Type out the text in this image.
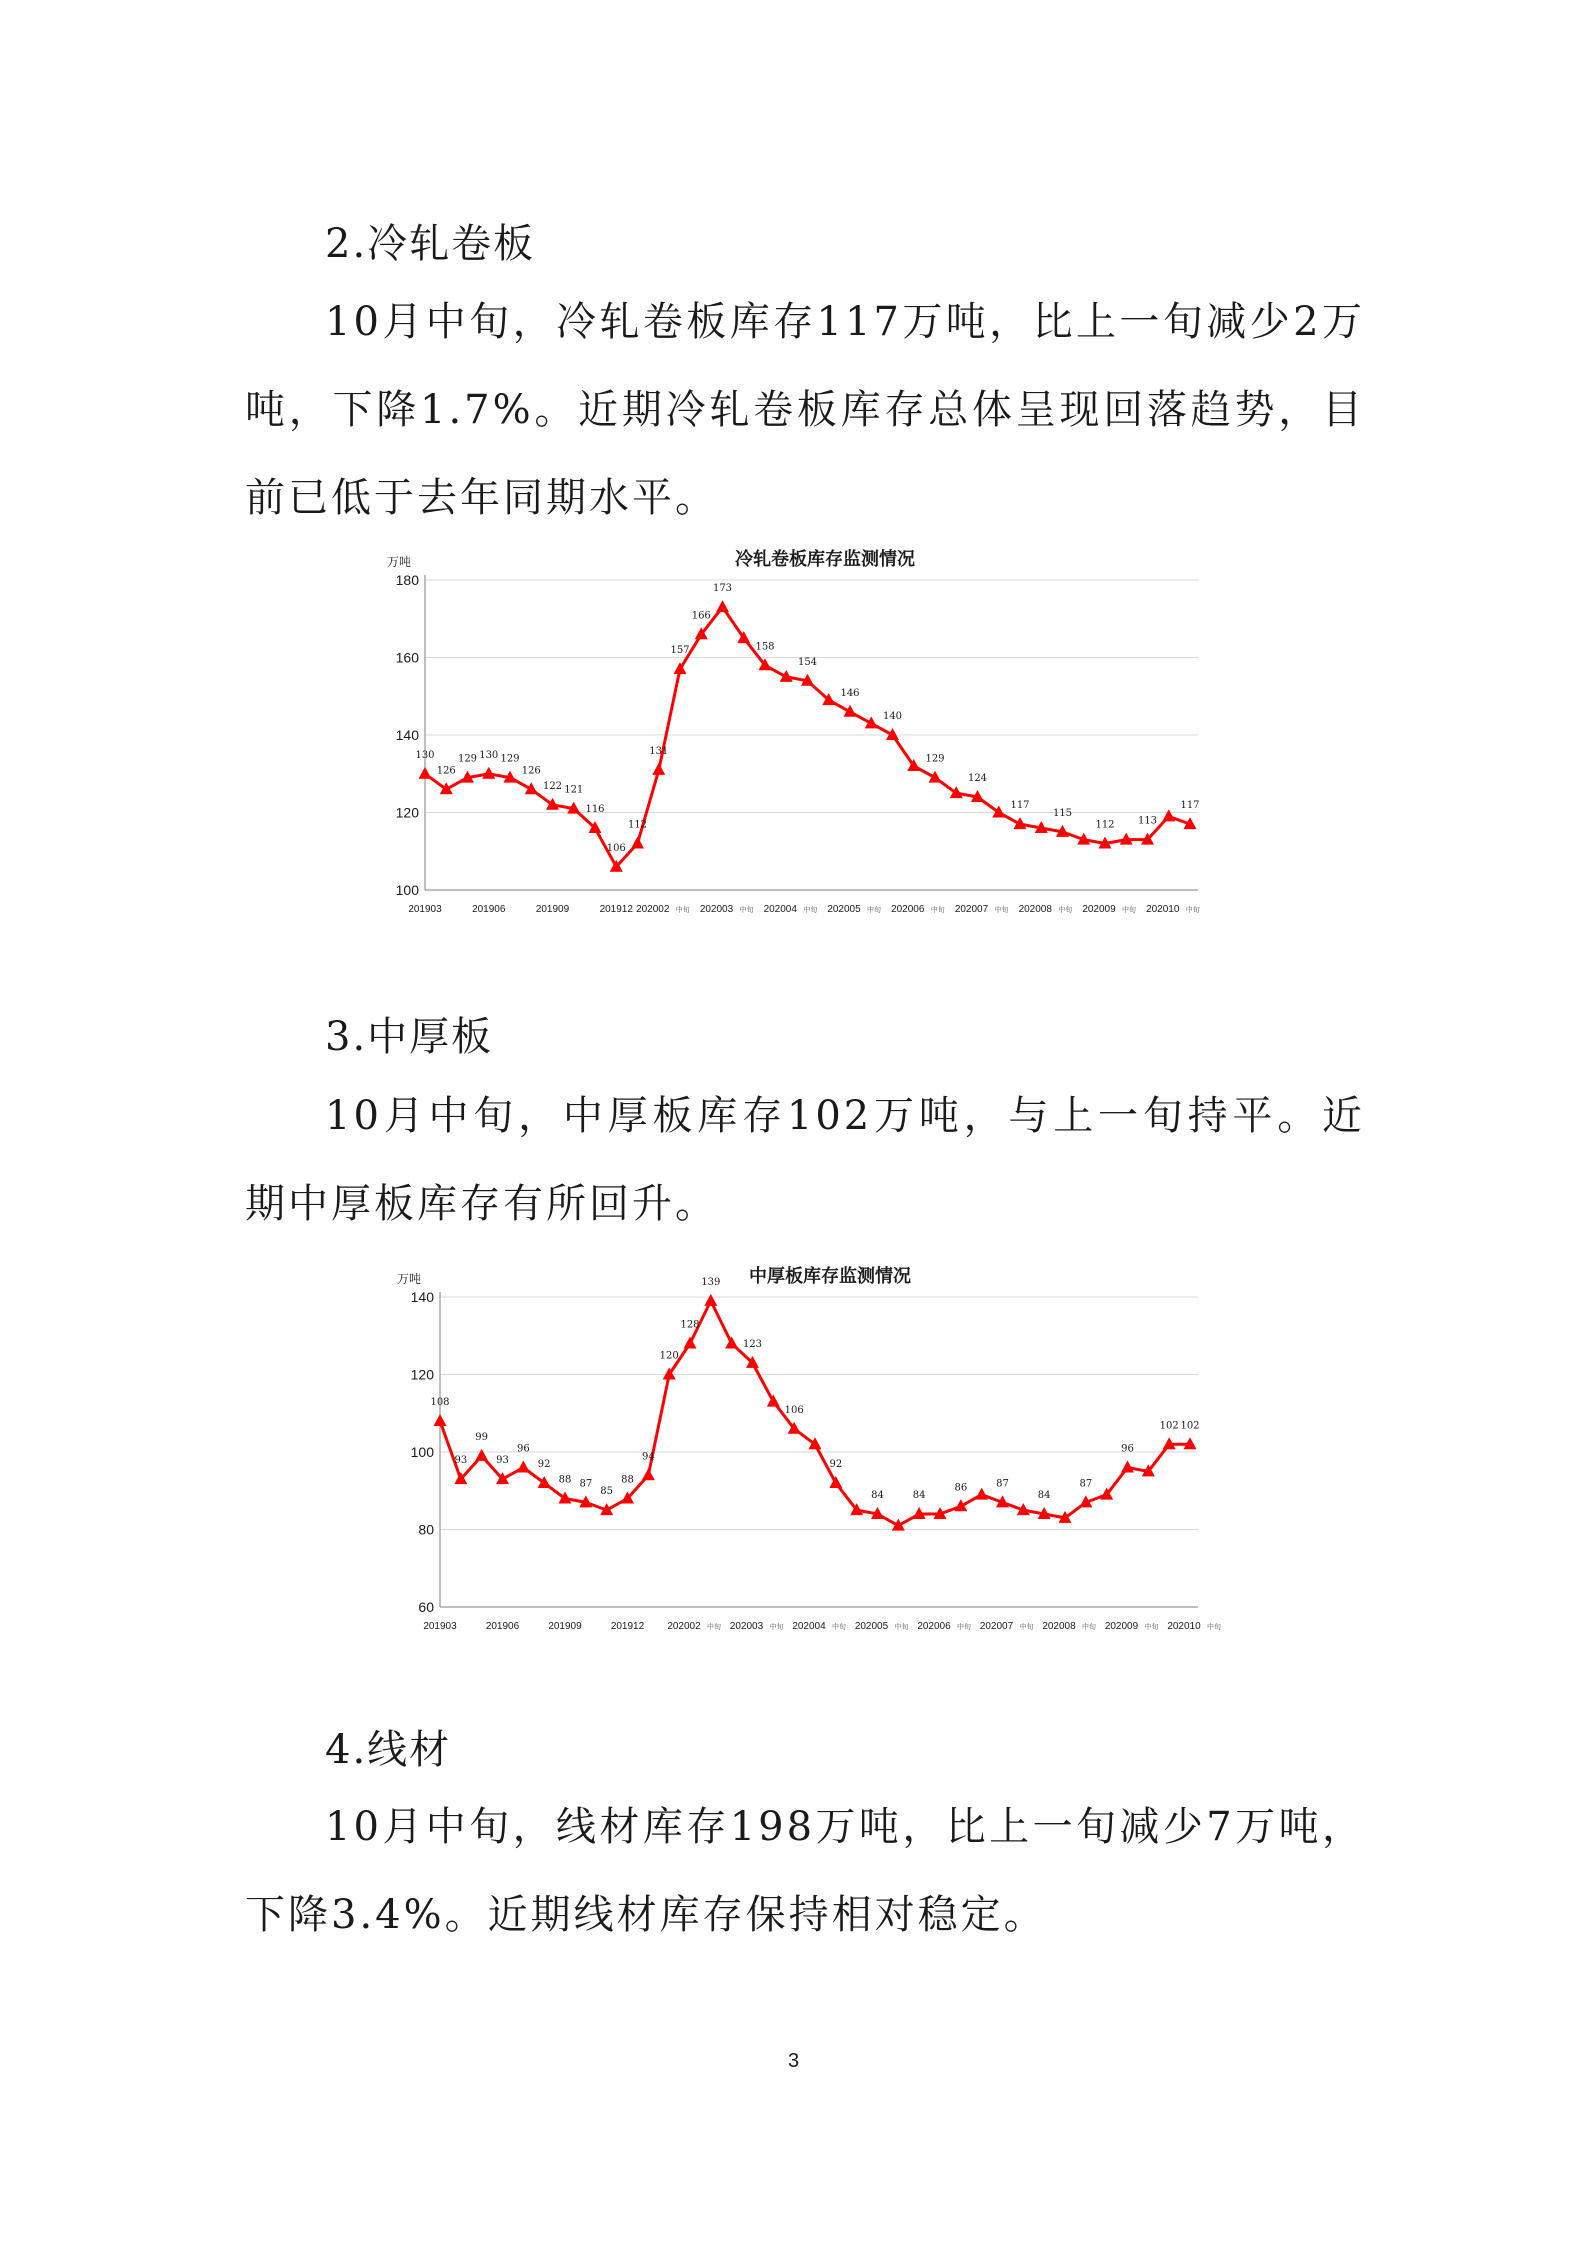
2.冷轧卷板

10月中旬，冷轧卷板库存117万吨，比上一旬减少2万吨，下降1.7%。近期冷轧卷板库存总体呈现回落趋势，目前已低于去年同期水平。

冷轧卷板库存监测情况
万吨
100
120
140
160
180
201903	201906	201909	201912 202002 中旬 202003 中旬 202004 中旬 202005 中旬 202006 中旬 202007 中旬 202008 中旬 202009 中旬 202010 中旬
130
126
129 130 129
126
122 121
116
106
112
131
157
166
173
158
154
146
140
129
124
117
115
112 113
117
3.中厚板

10月中旬，中厚板库存102万吨，与上一旬持平。近期中厚板库存有所回升。

中厚板库存监测情况
万吨
60
80
100
120
140
201903	201906	201909	201912 202002 中旬 202003 中旬 202004 中旬 202005 中旬 202006 中旬 202007 中旬 202008 中旬 202009 中旬 202010 中旬
108
93
99
93
96
92
88 87
85
88
94
120
128
139
123
106
92
84	84
86	87
84
87
96
102 102
4.线材

10月中旬，线材库存198万吨，比上一旬减少7万吨，下降3.4%。近期线材库存保持相对稳定。

3
